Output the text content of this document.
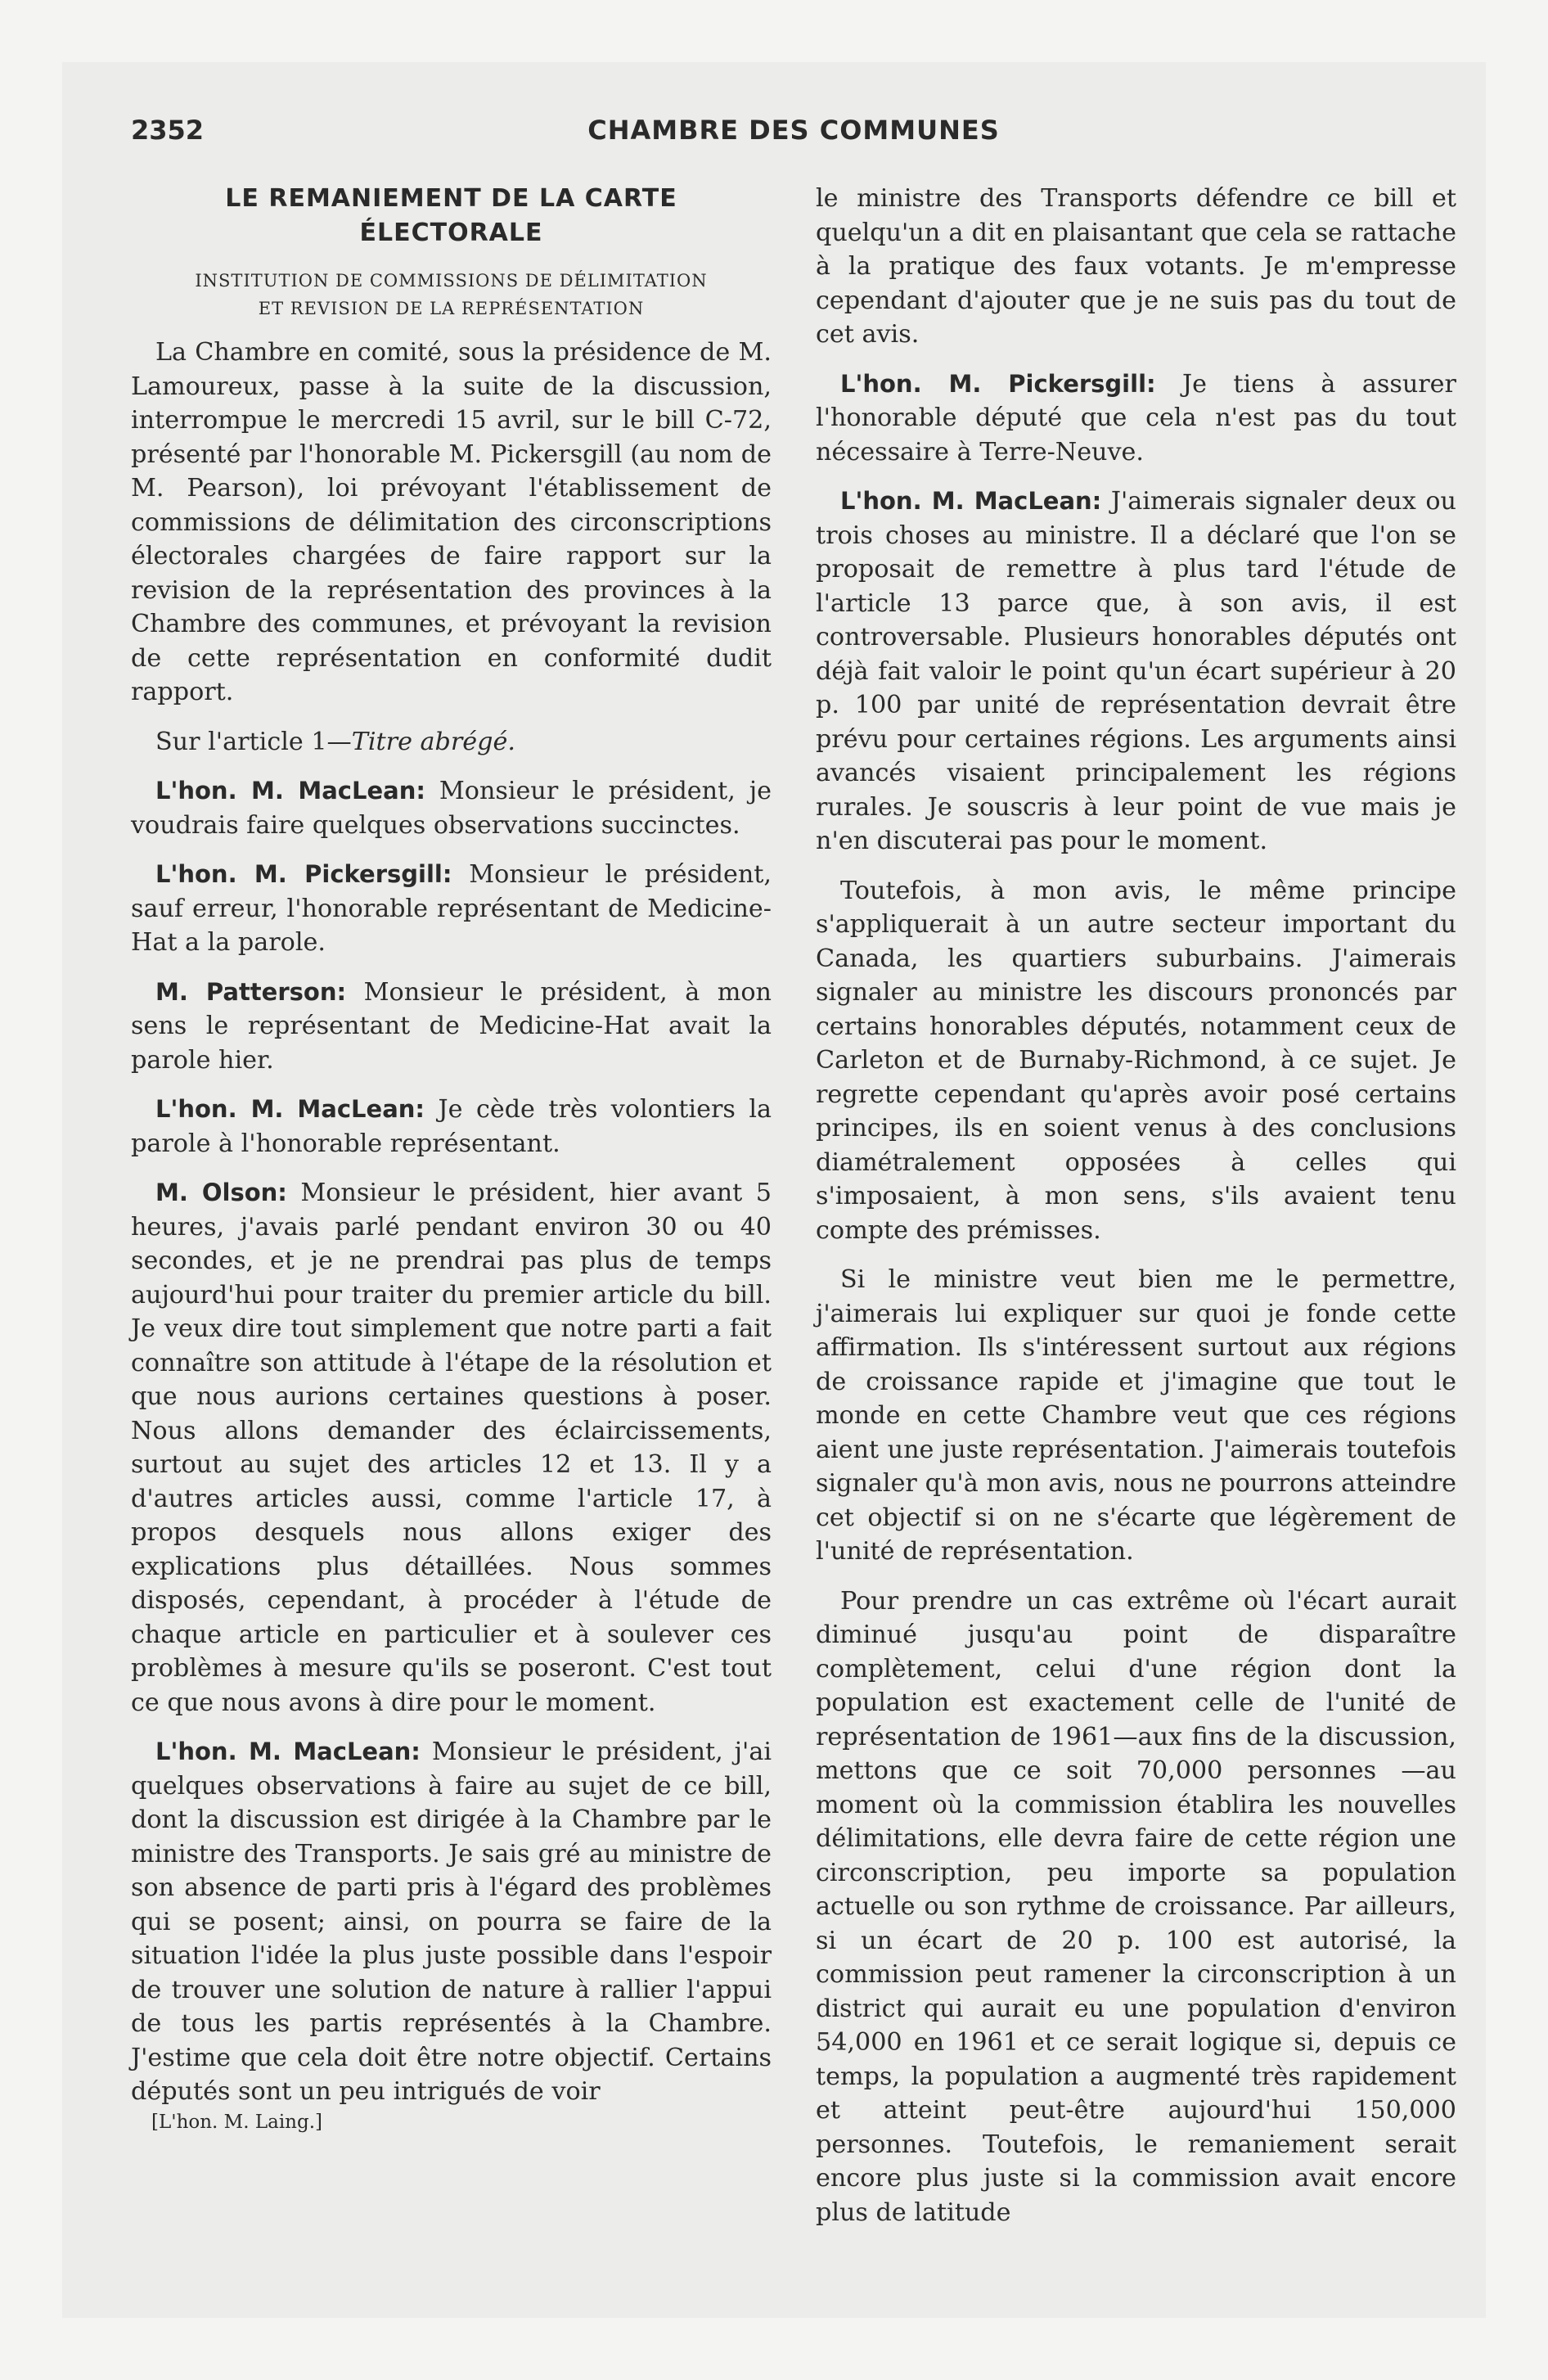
2352	CHAMBRE DES COMMUNES
LE REMANIEMENT DE LA CARTE
ÉLECTORALE
INSTITUTION DE COMMISSIONS DE DÉLIMITATION
ET REVISION DE LA REPRÉSENTATION

La Chambre en comité, sous la présidence de M. Lamoureux, passe à la suite de la discussion, interrompue le mercredi 15 avril, sur le bill C-72, présenté par l'honorable M. Pickersgill (au nom de M. Pearson), loi prévoyant l'établissement de commissions de délimitation des circonscriptions électorales chargées de faire rapport sur la revision de la représentation des provinces à la Chambre des communes, et prévoyant la revision de cette représentation en conformité dudit rapport.

Sur l'article 1—Titre abrégé.

L'hon. M. MacLean: Monsieur le président, je voudrais faire quelques observations succinctes.

L'hon. M. Pickersgill: Monsieur le président, sauf erreur, l'honorable représentant de Medicine-Hat a la parole.

M. Patterson: Monsieur le président, à mon sens le représentant de Medicine-Hat avait la parole hier.

L'hon. M. MacLean: Je cède très volontiers la parole à l'honorable représentant.

M. Olson: Monsieur le président, hier avant 5 heures, j'avais parlé pendant environ 30 ou 40 secondes, et je ne prendrai pas plus de temps aujourd'hui pour traiter du premier article du bill. Je veux dire tout simplement que notre parti a fait connaître son attitude à l'étape de la résolution et que nous aurions certaines questions à poser. Nous allons demander des éclaircissements, surtout au sujet des articles 12 et 13. Il y a d'autres articles aussi, comme l'article 17, à propos desquels nous allons exiger des explications plus détaillées. Nous sommes disposés, cependant, à procéder à l'étude de chaque article en particulier et à soulever ces problèmes à mesure qu'ils se poseront. C'est tout ce que nous avons à dire pour le moment.

L'hon. M. MacLean: Monsieur le président, j'ai quelques observations à faire au sujet de ce bill, dont la discussion est dirigée à la Chambre par le ministre des Transports. Je sais gré au ministre de son absence de parti pris à l'égard des problèmes qui se posent; ainsi, on pourra se faire de la situation l'idée la plus juste possible dans l'espoir de trouver une solution de nature à rallier l'appui de tous les partis représentés à la Chambre. J'estime que cela doit être notre objectif. Certains députés sont un peu intrigués de voir

[L'hon. M. Laing.]

le ministre des Transports défendre ce bill et quelqu'un a dit en plaisantant que cela se rattache à la pratique des faux votants. Je m'empresse cependant d'ajouter que je ne suis pas du tout de cet avis.

L'hon. M. Pickersgill: Je tiens à assurer l'honorable député que cela n'est pas du tout nécessaire à Terre-Neuve.

L'hon. M. MacLean: J'aimerais signaler deux ou trois choses au ministre. Il a déclaré que l'on se proposait de remettre à plus tard l'étude de l'article 13 parce que, à son avis, il est controversable. Plusieurs honorables députés ont déjà fait valoir le point qu'un écart supérieur à 20 p. 100 par unité de représentation devrait être prévu pour certaines régions. Les arguments ainsi avancés visaient principalement les régions rurales. Je souscris à leur point de vue mais je n'en discuterai pas pour le moment.

Toutefois, à mon avis, le même principe s'appliquerait à un autre secteur important du Canada, les quartiers suburbains. J'aimerais signaler au ministre les discours prononcés par certains honorables députés, notamment ceux de Carleton et de Burnaby-Richmond, à ce sujet. Je regrette cependant qu'après avoir posé certains principes, ils en soient venus à des conclusions diamétralement opposées à celles qui s'imposaient, à mon sens, s'ils avaient tenu compte des prémisses.

Si le ministre veut bien me le permettre, j'aimerais lui expliquer sur quoi je fonde cette affirmation. Ils s'intéressent surtout aux régions de croissance rapide et j'imagine que tout le monde en cette Chambre veut que ces régions aient une juste représentation. J'aimerais toutefois signaler qu'à mon avis, nous ne pourrons atteindre cet objectif si on ne s'écarte que légèrement de l'unité de représentation.

Pour prendre un cas extrême où l'écart aurait diminué jusqu'au point de disparaître complètement, celui d'une région dont la population est exactement celle de l'unité de représentation de 1961—aux fins de la discussion, mettons que ce soit 70,000 personnes —au moment où la commission établira les nouvelles délimitations, elle devra faire de cette région une circonscription, peu importe sa population actuelle ou son rythme de croissance. Par ailleurs, si un écart de 20 p. 100 est autorisé, la commission peut ramener la circonscription à un district qui aurait eu une population d'environ 54,000 en 1961 et ce serait logique si, depuis ce temps, la population a augmenté très rapidement et atteint peut-être aujourd'hui 150,000 personnes. Toutefois, le remaniement serait encore plus juste si la commission avait encore plus de latitude
